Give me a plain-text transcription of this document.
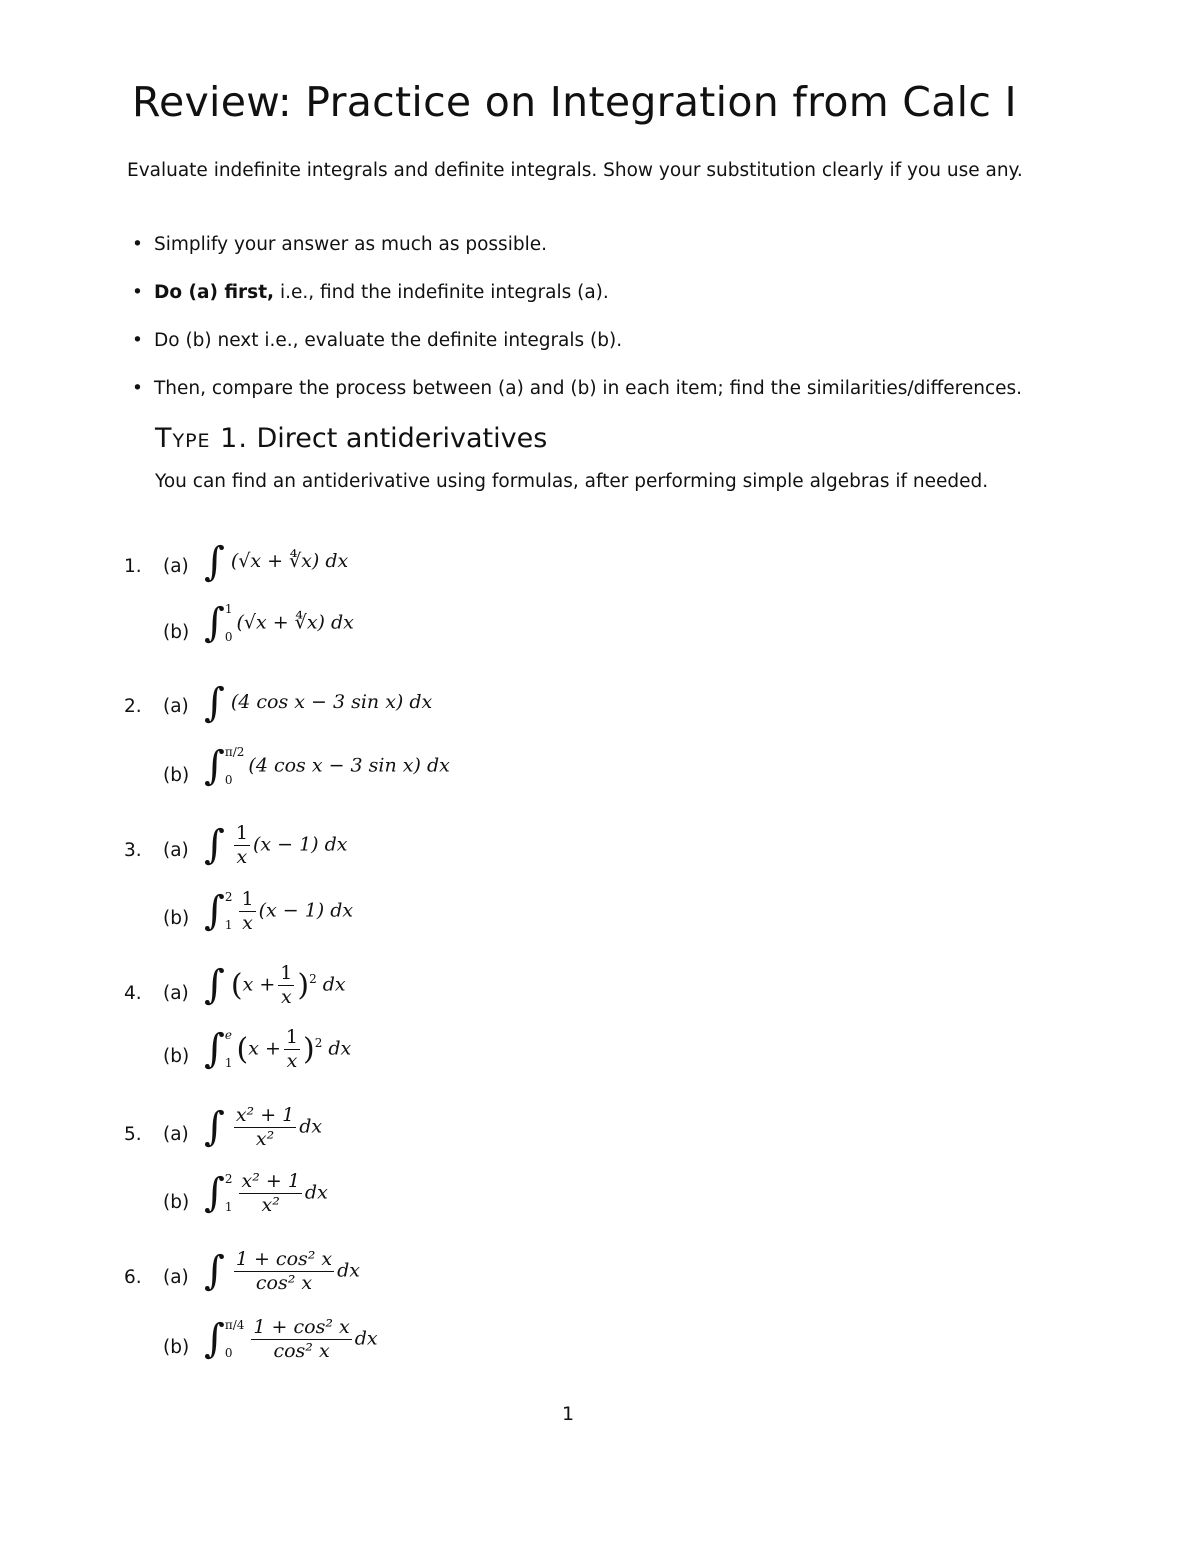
Review: Practice on Integration from Calc I

Evaluate indefinite integrals and definite integrals. Show your substitution clearly if you use any.

• Simplify your answer as much as possible.
• Do (a) first, i.e., find the indefinite integrals (a).
• Do (b) next i.e., evaluate the definite integrals (b).
• Then, compare the process between (a) and (b) in each item; find the similarities/differences.
Type 1. Direct antiderivatives

You can find an antiderivative using formulas, after performing simple algebras if needed.

1. (a) ∫ (√x + ∜x) dx
(b) ∫ 1
0
(√x + ∜x) dx
2. (a) ∫ (4 cos x − 3 sin x) dx
(b) ∫ π/2
0
(4 cos x − 3 sin x) dx
3. (a) ∫ $\frac{1}{x} (x - 1)$ dx
(b) ∫ 2
$1 \frac{1}{x} (x - 1)$ dx
4. (a) ∫ $(x + \frac{1}{x} )^2$ dx
(b) ∫ e
1 $(x + \frac{1}{x} )^2$ dx
5. (a) ∫ $\frac{\text{x² + 1}}{\text{x²}}$ dx
(b) ∫ 2
$1 \frac{\text{x² + 1}}{\text{x²}}$ dx
6. (a) ∫ $\frac{\text{1 + cos² x}}{\text{cos² x}}$ dx
(b) ∫ π/4
$0 \frac{\text{1 + cos² x}}{\text{cos² x}}$ dx
1
